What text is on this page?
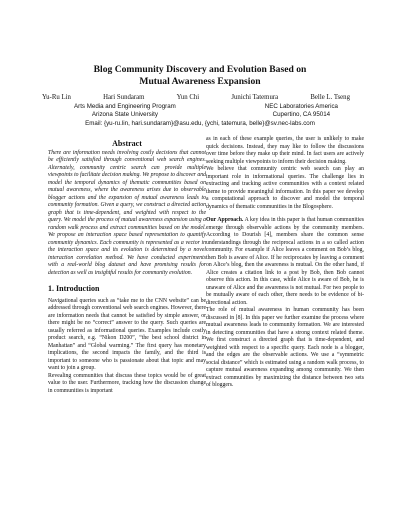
Blog Community Discovery and Evolution Based on
Mutual Awareness Expansion
Yu-Ru Lin	Hari Sundaram	Yun Chi	Junichi Tatemura	Belle L. Tseng
Arts Media and Engineering Program
Arizona State University
NEC Laboratories America
Cupertino, CA 95014
Email: {yu-ru.lin, hari.sundaram}@asu.edu, {ychi, tatemura, belle}@sv.nec-labs.com
Abstract

There are information needs involving costly decisions that cannot be efficiently satisfied through conventional web search engines. Alternately, community centric search can provide multiple viewpoints to facilitate decision making. We propose to discover and model the temporal dynamics of thematic communities based on mutual awareness, where the awareness arises due to observable blogger actions and the expansion of mutual awareness leads to community formation. Given a query, we construct a directed action graph that is time-dependent, and weighted with respect to the query. We model the process of mutual awareness expansion using a random walk process and extract communities based on the model. We propose an interaction space based representation to quantify community dynamics. Each community is represented as a vector in the interaction space and its evolution is determined by a novel interaction correlation method. We have conducted experiments with a real-world blog dataset and have promising results for detection as well as insightful results for community evolution.

1. Introduction

Navigational queries such as “take me to the CNN website” can be addressed through conventional web search engines. However, there are information needs that cannot be satisfied by simple answer, or there might be no “correct” answer to the query. Such queries are usually referred as informational queries. Examples include costly product search, e.g. “Nikon D200”, “the best school district in Manhattan” and “Global warming.” The first query has monetary implications, the second impacts the family, and the third is important to someone who is passionate about that topic and may want to join a group.

Revealing communities that discuss these topics would be of great value to the user. Furthermore, tracking how the discussion change in communities is important

as in each of these example queries, the user is unlikely to make quick decisions. Instead, they may like to follow the discussions over time before they make up their mind. In fact users are actively seeking multiple viewpoints to inform their decision making.

We believe that community centric web search can play an important role in informational queries. The challenge lies in extracting and tracking active communities with a context related theme to provide meaningful information. In this paper we develop a computational approach to discover and model the temporal dynamics of thematic communities in the Blogosphere.

Our Approach. A key idea in this paper is that human communities emerge through observable actions by the community members. According to Dourish [4], members share the common sense understandings through the reciprocal actions in a so called action community. For example if Alice leaves a comment on Bob’s blog, then Bob is aware of Alice. If he reciprocates by leaving a comment on Alice’s blog, then the awareness is mutual. On the other hand, if Alice creates a citation link to a post by Bob, then Bob cannot observe this action. In this case, while Alice is aware of Bob, he is unaware of Alice and the awareness is not mutual. For two people to be mutually aware of each other, there needs to be evidence of bi-directional action.

The role of mutual awareness in human community has been discussed in [8]. In this paper we further examine the process where mutual awareness leads to community formation. We are interested in detecting communities that have a strong context related theme. We first construct a directed graph that is time-dependent, and weighted with respect to a specific query. Each node is a blogger, and the edges are the observable actions. We use a “symmetric social distance” which is estimated using a random walk process, to capture mutual awareness expanding among community. We then extract communities by maximizing the distance between two sets of bloggers.
